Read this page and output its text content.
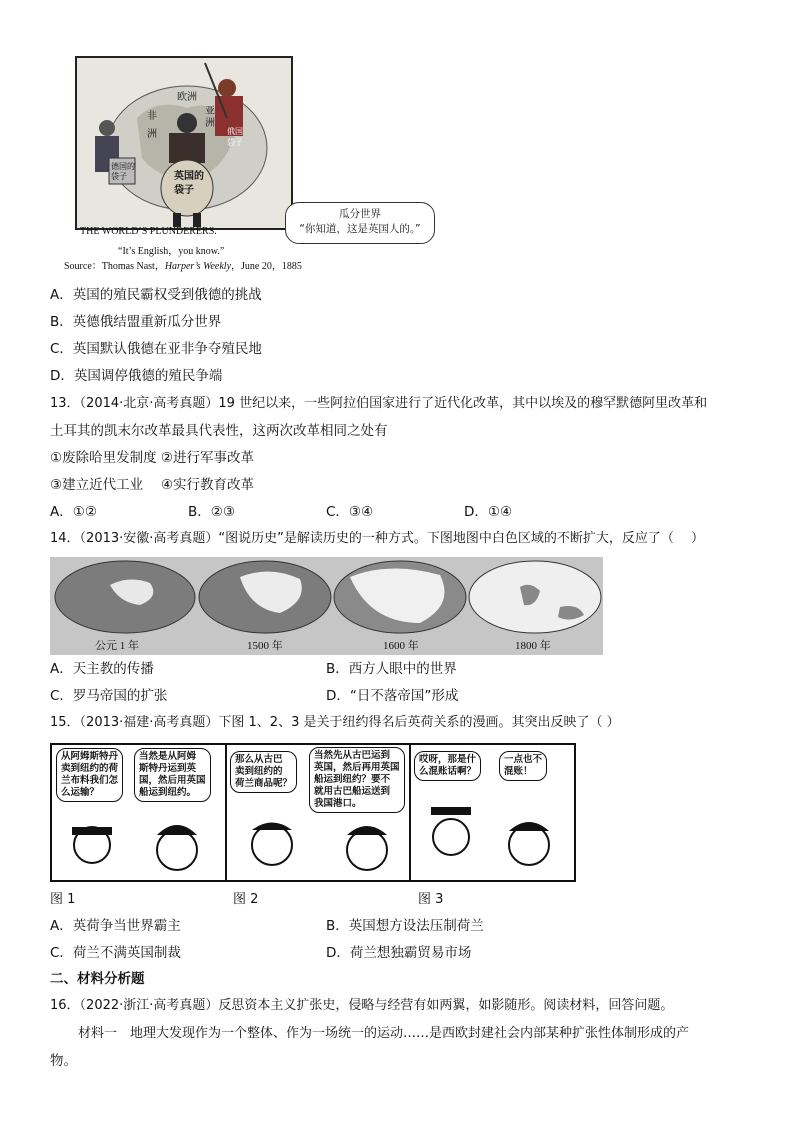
欧洲
非洲
亚洲
俄国
袋子
德国的
袋子	英国的
袋子
THE WORLD’S PLUNDERERS.
“It’s English，you know.”
Source：Thomas Nast，Harper’s Weekly，June 20，1885
瓜分世界
“你知道，这是英国人的。”
A．英国的殖民霸权受到俄德的挑战
B．英德俄结盟重新瓜分世界
C．英国默认俄德在亚非争夺殖民地
D．英国调停俄德的殖民争端
13．（2014·北京·高考真题）19 世纪以来，一些阿拉伯国家进行了近代化改革，其中以埃及的穆罕默德阿里改革和
土耳其的凯末尔改革最具代表性，这两次改革相同之处有
①废除哈里发制度 ②进行军事改革
③建立近代工业　 ④实行教育改革
A．①②	B．②③	C．③④	D．①④
14．（2013·安徽·高考真题）“图说历史”是解读历史的一种方式。下图地图中白色区域的不断扩大，反应了（　 ）
公元 1 年	1500 年	1600 年	1800 年
A．天主教的传播	B．西方人眼中的世界
C．罗马帝国的扩张	D．“日不落帝国”形成
15．（2013·福建·高考真题）下图 1、2、3 是关于纽约得名后英荷关系的漫画。其突出反映了（ ）
从阿姆斯特丹
卖到纽约的荷
兰布料我们怎
么运输？
当然是从阿姆
斯特丹运到英
国，然后用英国
船运到纽约。
那么从古巴
卖到纽约的
荷兰商品呢？
当然先从古巴运到
英国，然后再用英国
船运到纽约？要不
就用古巴船运送到
我国港口。
哎呀，那是什
么混账话啊？
一点也不
混账！
图 1	图 2	图 3
A．英荷争当世界霸主	B．英国想方设法压制荷兰
C．荷兰不满英国制裁	D．荷兰想独霸贸易市场
二、材料分析题
16．（2022·浙江·高考真题）反思资本主义扩张史，侵略与经营有如两翼，如影随形。阅读材料，回答问题。
材料一　地理大发现作为一个整体、作为一场统一的运动……是西欧封建社会内部某种扩张性体制形成的产
物。
